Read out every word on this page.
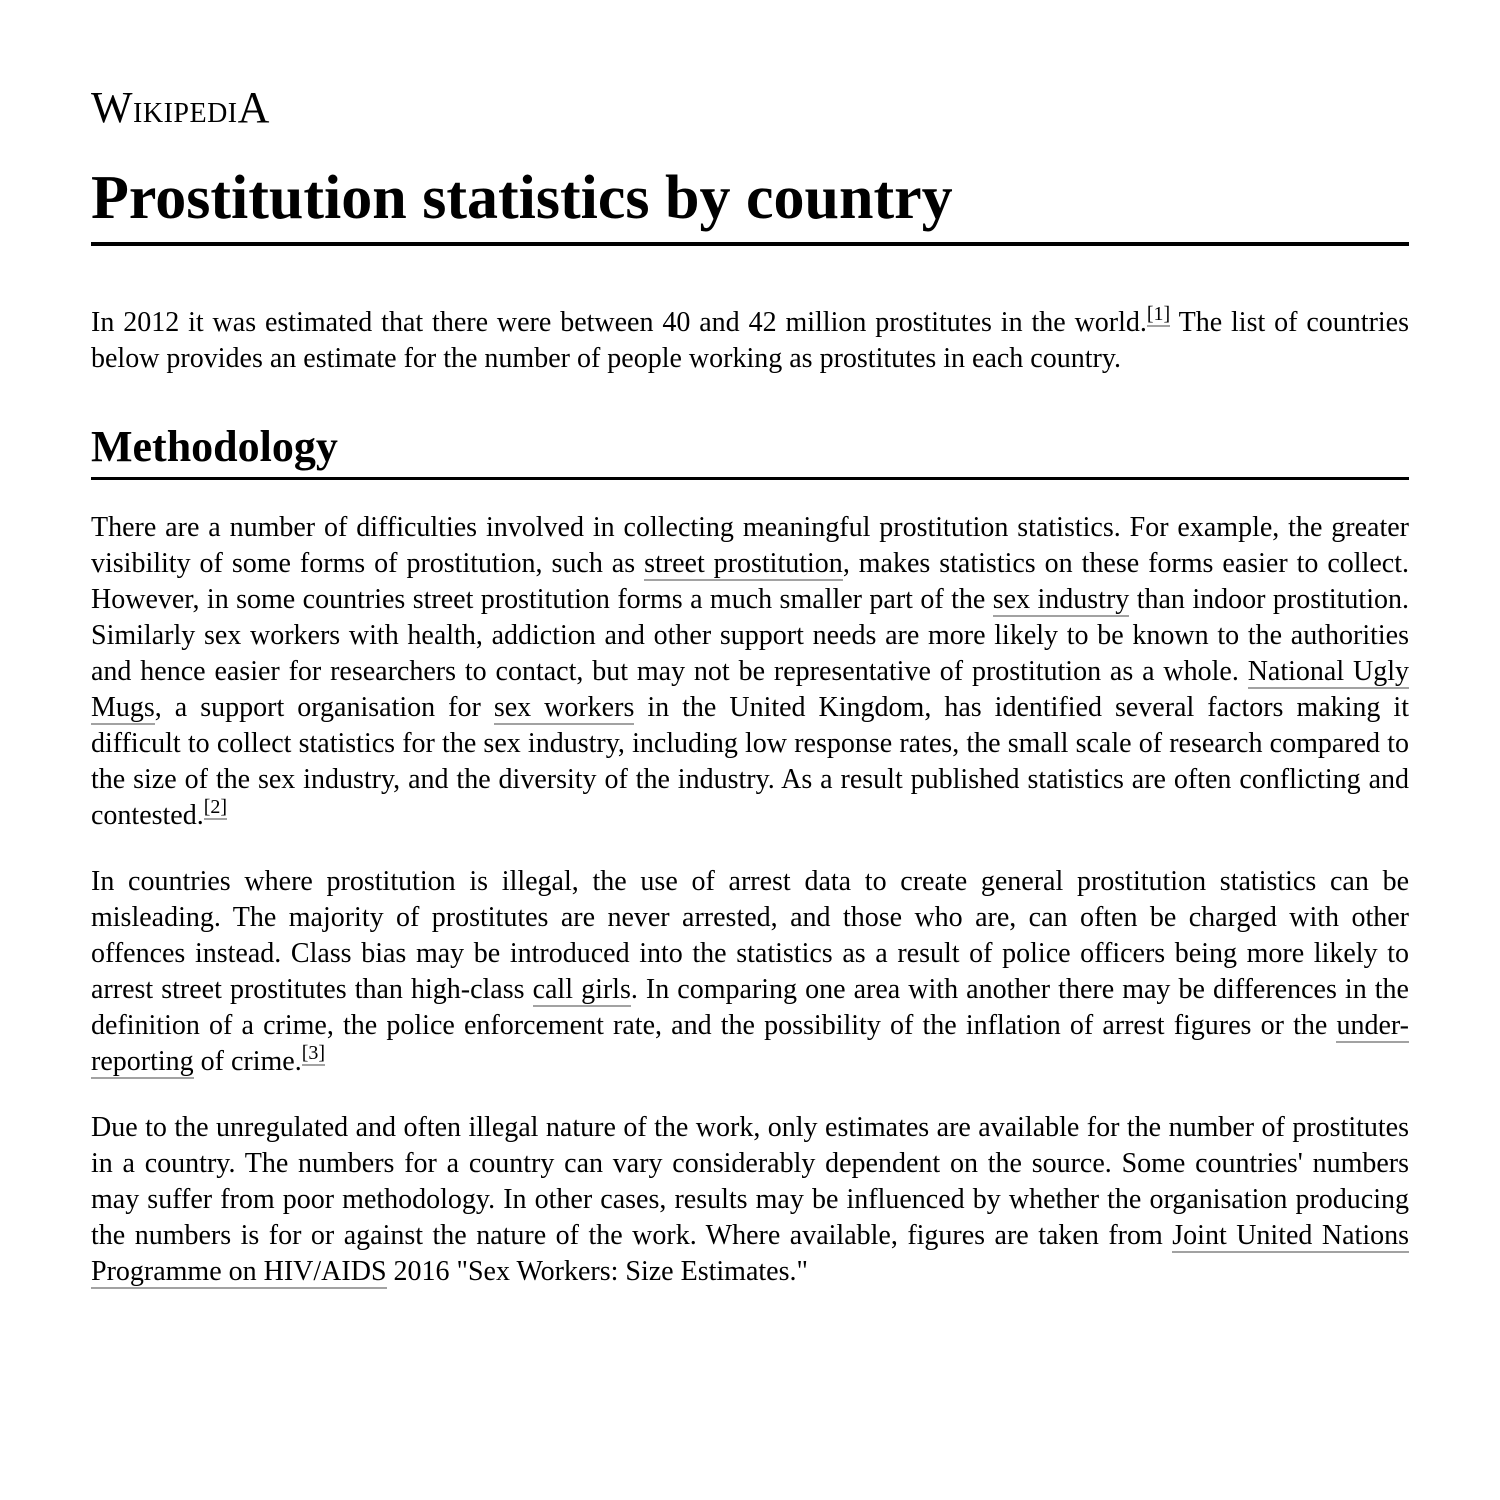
WikipediA
Prostitution statistics by country

In 2012 it was estimated that there were between 40 and 42 million prostitutes in the world.[1] The list of countries below provides an estimate for the number of people working as prostitutes in each country.

Methodology

There are a number of difficulties involved in collecting meaningful prostitution statistics. For example, the greater visibility of some forms of prostitution, such as street prostitution, makes statistics on these forms easier to collect. However, in some countries street prostitution forms a much smaller part of the sex industry than indoor prostitution. Similarly sex workers with health, addiction and other support needs are more likely to be known to the authorities and hence easier for researchers to contact, but may not be representative of prostitution as a whole. National Ugly Mugs, a support organisation for sex workers in the United Kingdom, has identified several factors making it difficult to collect statistics for the sex industry, including low response rates, the small scale of research compared to the size of the sex industry, and the diversity of the industry. As a result published statistics are often conflicting and contested.[2]

In countries where prostitution is illegal, the use of arrest data to create general prostitution statistics can be misleading. The majority of prostitutes are never arrested, and those who are, can often be charged with other offences instead. Class bias may be introduced into the statistics as a result of police officers being more likely to arrest street prostitutes than high-class call girls. In comparing one area with another there may be differences in the definition of a crime, the police enforcement rate, and the possibility of the inflation of arrest figures or the under-reporting of crime.[3]

Due to the unregulated and often illegal nature of the work, only estimates are available for the number of prostitutes in a country. The numbers for a country can vary considerably dependent on the source. Some countries' numbers may suffer from poor methodology. In other cases, results may be influenced by whether the organisation producing the numbers is for or against the nature of the work. Where available, figures are taken from Joint United Nations Programme on HIV/AIDS 2016 "Sex Workers: Size Estimates."
